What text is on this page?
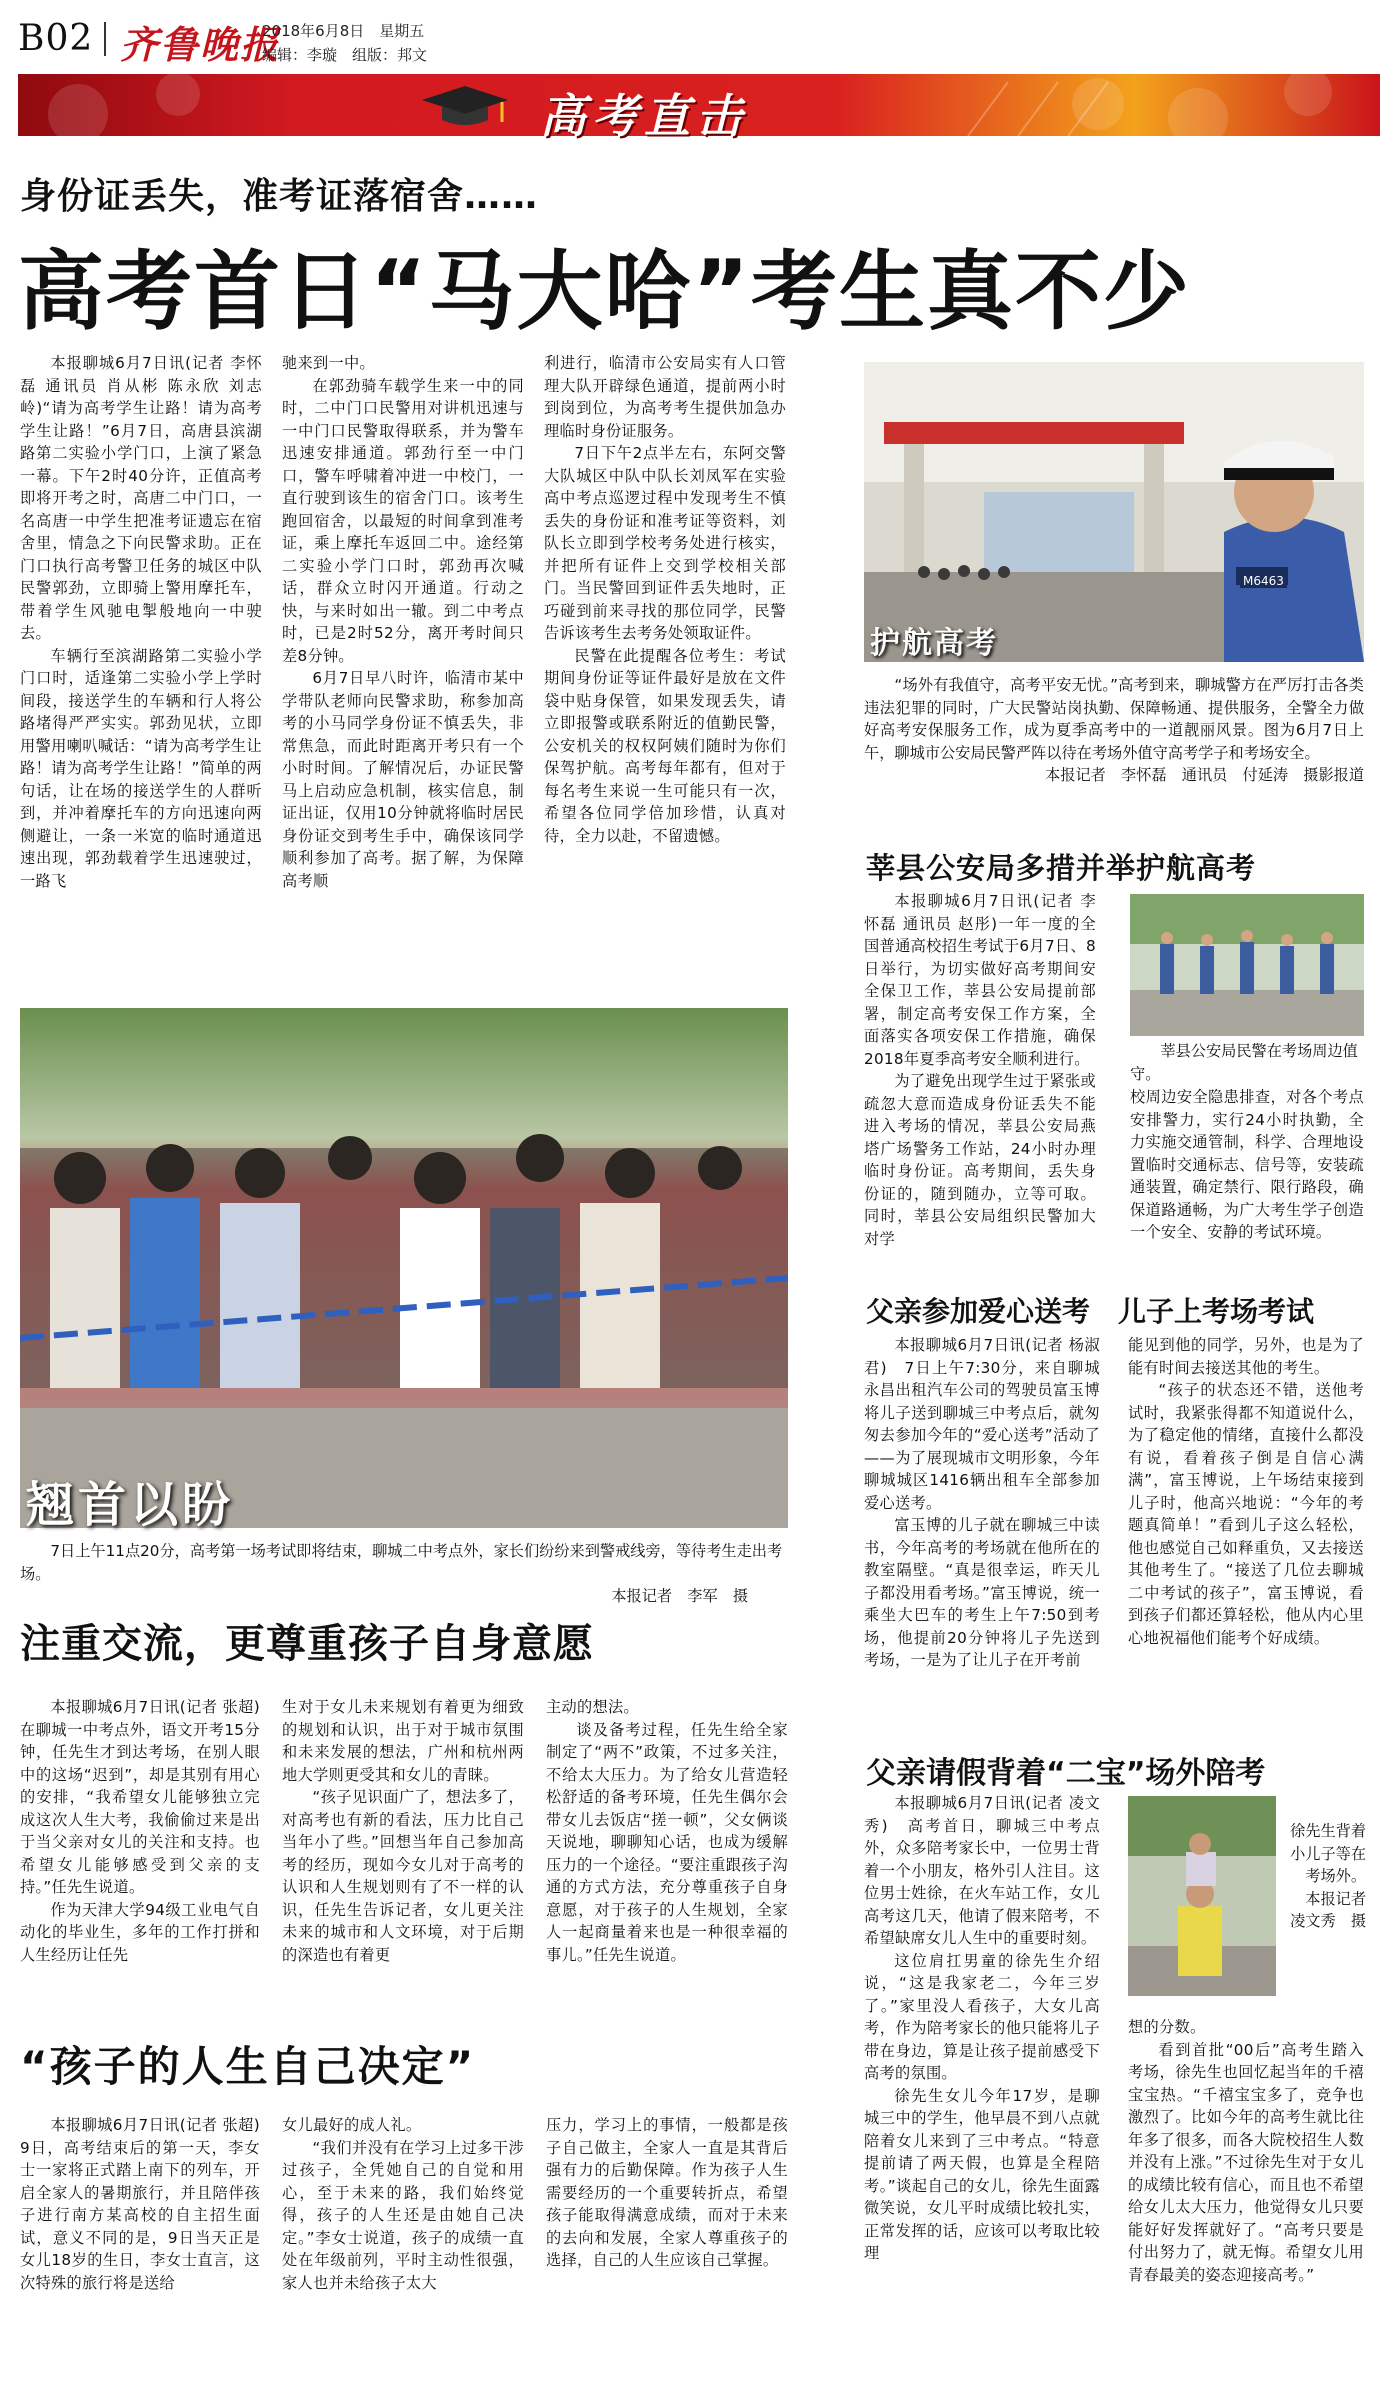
B02 齐鲁晚报
2018年6月8日　星期五
编辑：李璇　组版：邦文
高考直击
身份证丢失，准考证落宿舍……
高考首日“马大哈”考生真不少

本报聊城6月7日讯(记者 李怀磊 通讯员 肖从彬 陈永欣 刘志岭)“请为高考学生让路！请为高考学生让路！”6月7日，高唐县滨湖路第二实验小学门口，上演了紧急一幕。下午2时40分许，正值高考即将开考之时，高唐二中门口，一名高唐一中学生把准考证遗忘在宿舍里，情急之下向民警求助。正在门口执行高考警卫任务的城区中队民警郭劲，立即骑上警用摩托车，带着学生风驰电掣般地向一中驶去。

车辆行至滨湖路第二实验小学门口时，适逢第二实验小学上学时间段，接送学生的车辆和行人将公路堵得严严实实。郭劲见状，立即用警用喇叭喊话：“请为高考学生让路！请为高考学生让路！”简单的两句话，让在场的接送学生的人群听到，并冲着摩托车的方向迅速向两侧避让，一条一米宽的临时通道迅速出现，郭劲载着学生迅速驶过，一路飞

驰来到一中。

在郭劲骑车载学生来一中的同时，二中门口民警用对讲机迅速与一中门口民警取得联系，并为警车迅速安排通道。郭劲行至一中门口，警车呼啸着冲进一中校门，一直行驶到该生的宿舍门口。该考生跑回宿舍，以最短的时间拿到准考证，乘上摩托车返回二中。途经第二实验小学门口时，郭劲再次喊话，群众立时闪开通道。行动之快，与来时如出一辙。到二中考点时，已是2时52分，离开考时间只差8分钟。

6月7日早八时许，临清市某中学带队老师向民警求助，称参加高考的小马同学身份证不慎丢失，非常焦急，而此时距离开考只有一个小时时间。了解情况后，办证民警马上启动应急机制，核实信息，制证出证，仅用10分钟就将临时居民身份证交到考生手中，确保该同学顺利参加了高考。据了解，为保障高考顺

利进行，临清市公安局实有人口管理大队开辟绿色通道，提前两小时到岗到位，为高考考生提供加急办理临时身份证服务。

7日下午2点半左右，东阿交警大队城区中队中队长刘凤军在实验高中考点巡逻过程中发现考生不慎丢失的身份证和准考证等资料，刘队长立即到学校考务处进行核实，并把所有证件上交到学校相关部门。当民警回到证件丢失地时，正巧碰到前来寻找的那位同学，民警告诉该考生去考务处领取证件。

民警在此提醒各位考生：考试期间身份证等证件最好是放在文件袋中贴身保管，如果发现丢失，请立即报警或联系附近的值勤民警，公安机关的权权阿姨们随时为你们保驾护航。高考每年都有，但对于每名考生来说一生可能只有一次，希望各位同学倍加珍惜，认真对待，全力以赴，不留遗憾。

翘首以盼

7日上午11点20分，高考第一场考试即将结束，聊城二中考点外，家长们纷纷来到警戒线旁，等待考生走出考场。

本报记者　李军　摄

注重交流，更尊重孩子自身意愿

本报聊城6月7日讯(记者 张超)　在聊城一中考点外，语文开考15分钟，任先生才到达考场，在别人眼中的这场“迟到”，却是其别有用心的安排，“我希望女儿能够独立完成这次人生大考，我偷偷过来是出于当父亲对女儿的关注和支持。也希望女儿能够感受到父亲的支持。”任先生说道。

作为天津大学94级工业电气自动化的毕业生，多年的工作打拼和人生经历让任先

生对于女儿未来规划有着更为细致的规划和认识，出于对于城市氛围和未来发展的想法，广州和杭州两地大学则更受其和女儿的青睐。

“孩子见识面广了，想法多了，对高考也有新的看法，压力比自己当年小了些。”回想当年自己参加高考的经历，现如今女儿对于高考的认识和人生规划则有了不一样的认识，任先生告诉记者，女儿更关注未来的城市和人文环境，对于后期的深造也有着更

主动的想法。

谈及备考过程，任先生给全家制定了“两不”政策，不过多关注，不给太大压力。为了给女儿营造轻松舒适的备考环境，任先生偶尔会带女儿去饭店“搓一顿”，父女俩谈天说地，聊聊知心话，也成为缓解压力的一个途径。“要注重跟孩子沟通的方式方法，充分尊重孩子自身意愿，对于孩子的人生规划，全家人一起商量着来也是一种很幸福的事儿。”任先生说道。

“孩子的人生自己决定”

本报聊城6月7日讯(记者 张超)　9日，高考结束后的第一天，李女士一家将正式踏上南下的列车，开启全家人的暑期旅行，并且陪伴孩子进行南方某高校的自主招生面试，意义不同的是，9日当天正是女儿18岁的生日，李女士直言，这次特殊的旅行将是送给

女儿最好的成人礼。

“我们并没有在学习上过多干涉过孩子，全凭她自己的自觉和用心，至于未来的路，我们始终觉得，孩子的人生还是由她自己决定。”李女士说道，孩子的成绩一直处在年级前列，平时主动性很强，家人也并未给孩子太大

压力，学习上的事情，一般都是孩子自己做主，全家人一直是其背后强有力的后勤保障。作为孩子人生需要经历的一个重要转折点，希望孩子能取得满意成绩，而对于未来的去向和发展，全家人尊重孩子的选择，自己的人生应该自己掌握。

M6463
护航高考

“场外有我值守，高考平安无忧。”高考到来，聊城警方在严厉打击各类违法犯罪的同时，广大民警站岗执勤、保障畅通、提供服务，全警全力做好高考安保服务工作，成为夏季高考中的一道靓丽风景。图为6月7日上午，聊城市公安局民警严阵以待在考场外值守高考学子和考场安全。

本报记者　李怀磊　通讯员　付延涛　摄影报道

莘县公安局多措并举护航高考

本报聊城6月7日讯(记者 李怀磊 通讯员 赵彤)一年一度的全国普通高校招生考试于6月7日、8日举行，为切实做好高考期间安全保卫工作，莘县公安局提前部署，制定高考安保工作方案，全面落实各项安保工作措施，确保2018年夏季高考安全顺利进行。

为了避免出现学生过于紧张或疏忽大意而造成身份证丢失不能进入考场的情况，莘县公安局燕塔广场警务工作站，24小时办理临时身份证。高考期间，丢失身份证的，随到随办，立等可取。同时，莘县公安局组织民警加大对学

莘县公安局民警在考场周边值守。

校周边安全隐患排查，对各个考点安排警力，实行24小时执勤，全力实施交通管制，科学、合理地设置临时交通标志、信号等，安装疏通装置，确定禁行、限行路段，确保道路通畅，为广大考生学子创造一个安全、安静的考试环境。

父亲参加爱心送考　儿子上考场考试

本报聊城6月7日讯(记者 杨淑君)　7日上午7:30分，来自聊城永昌出租汽车公司的驾驶员富玉博将儿子送到聊城三中考点后，就匆匆去参加今年的“爱心送考”活动了——为了展现城市文明形象，今年聊城城区1416辆出租车全部参加爱心送考。

富玉博的儿子就在聊城三中读书，今年高考的考场就在他所在的教室隔壁。“真是很幸运，昨天儿子都没用看考场。”富玉博说，统一乘坐大巴车的考生上午7:50到考场，他提前20分钟将儿子先送到考场，一是为了让儿子在开考前

能见到他的同学，另外，也是为了能有时间去接送其他的考生。

“孩子的状态还不错，送他考试时，我紧张得都不知道说什么，为了稳定他的情绪，直接什么都没有说，看着孩子倒是自信心满满”，富玉博说，上午场结束接到儿子时，他高兴地说：“今年的考题真简单！”看到儿子这么轻松，他也感觉自己如释重负，又去接送其他考生了。“接送了几位去聊城二中考试的孩子”，富玉博说，看到孩子们都还算轻松，他从内心里心地祝福他们能考个好成绩。

父亲请假背着“二宝”场外陪考

本报聊城6月7日讯(记者 凌文秀)　高考首日，聊城三中考点外，众多陪考家长中，一位男士背着一个小朋友，格外引人注目。这位男士姓徐，在火车站工作，女儿高考这几天，他请了假来陪考，不希望缺席女儿人生中的重要时刻。

这位肩扛男童的徐先生介绍说，“这是我家老二，今年三岁了。”家里没人看孩子，大女儿高考，作为陪考家长的他只能将儿子带在身边，算是让孩子提前感受下高考的氛围。

徐先生女儿今年17岁，是聊城三中的学生，他早晨不到八点就陪着女儿来到了三中考点。“特意提前请了两天假，也算是全程陪考。”谈起自己的女儿，徐先生面露微笑说，女儿平时成绩比较扎实，正常发挥的话，应该可以考取比较理

徐先生背着小儿子等在考场外。

本报记者　凌文秀　摄

想的分数。

看到首批“00后”高考生踏入考场，徐先生也回忆起当年的千禧宝宝热。“千禧宝宝多了，竞争也激烈了。比如今年的高考生就比往年多了很多，而各大院校招生人数并没有上涨。”不过徐先生对于女儿的成绩比较有信心，而且也不希望给女儿太大压力，他觉得女儿只要能好好发挥就好了。“高考只要是付出努力了，就无悔。希望女儿用青春最美的姿态迎接高考。”
